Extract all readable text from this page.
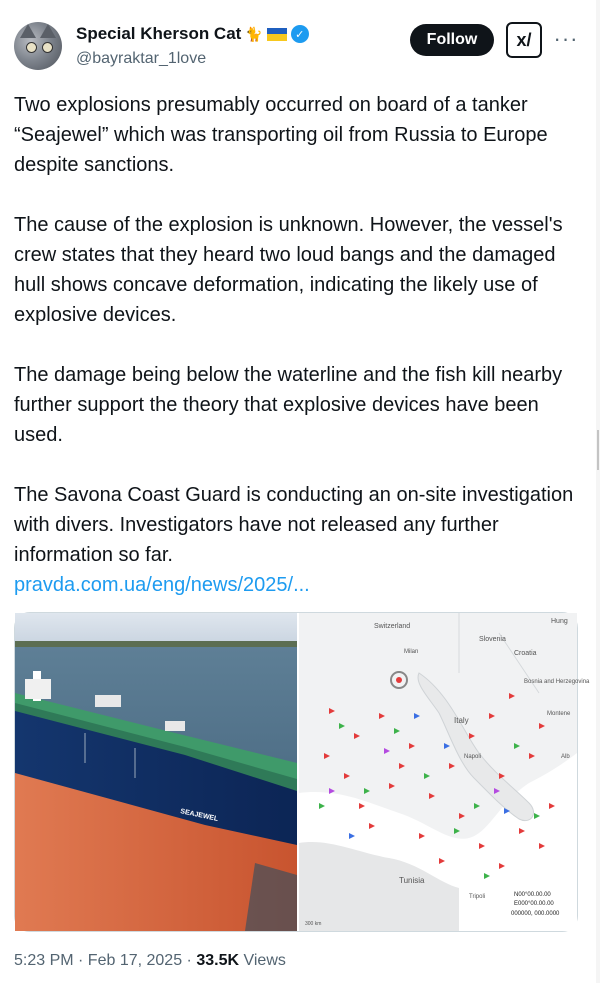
Special Kherson Cat 🐈	✓
@bayraktar_1love
Follow	x/	···

Two explosions presumably occurred on board of a tanker “Seajewel” which was transporting oil from Russia to Europe despite sanctions.

The cause of the explosion is unknown. However, the vessel's crew states that they heard two loud bangs and the damaged hull shows concave deformation, indicating the likely use of explosive devices.

The damage being below the waterline and the fish kill nearby further support the theory that explosive devices have been used.

The Savona Coast Guard is conducting an on-site investigation with divers. Investigators have not released any further information so far.

pravda.com.ua/eng/news/2025/...
SEAJEWEL
Switzerland
Slovenia
Croatia
Bosnia and Herzegovina
Italy
Tunisia
Hung
Montene
Alb
Milan
Napoli
Tripoli
300 km
N00°00.00.00
E000°00.00.00
000000, 000.0000
5:23 PM · Feb 17, 2025 · 33.5K Views
